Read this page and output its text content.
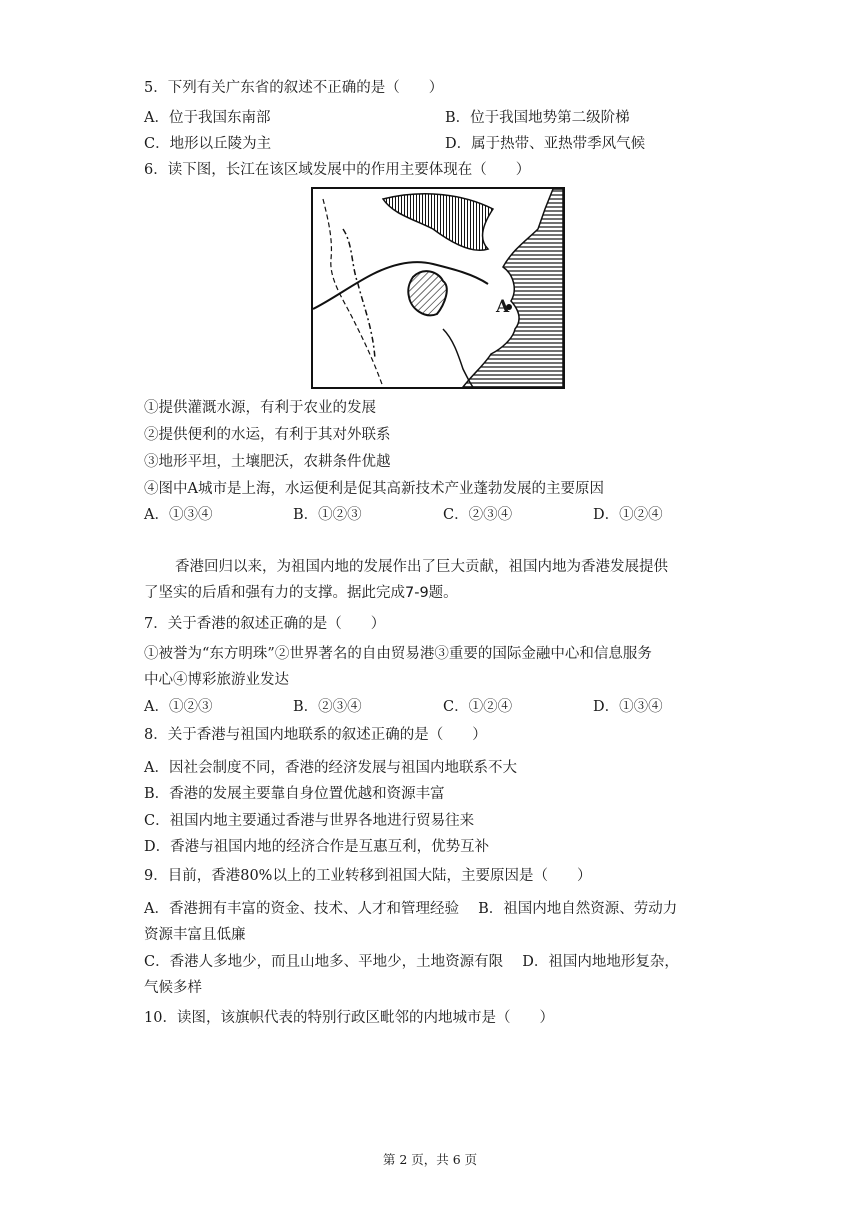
5．下列有关广东省的叙述不正确的是（　　）
A．位于我国东南部	B．位于我国地势第二级阶梯
C．地形以丘陵为主	D．属于热带、亚热带季风气候
6．读下图，长江在该区域发展中的作用主要体现在（　　）
A
①提供灌溉水源，有利于农业的发展
②提供便利的水运，有利于其对外联系
③地形平坦，土壤肥沃，农耕条件优越
④图中A城市是上海，水运便利是促其高新技术产业蓬勃发展的主要原因
A．①③④	B．①②③	C．②③④	D．①②④
香港回归以来，为祖国内地的发展作出了巨大贡献，祖国内地为香港发展提供
了坚实的后盾和强有力的支撑。据此完成7-9题。
7．关于香港的叙述正确的是（　　）
①被誉为“东方明珠”②世界著名的自由贸易港③重要的国际金融中心和信息服务
中心④博彩旅游业发达
A．①②③	B．②③④	C．①②④	D．①③④
8．关于香港与祖国内地联系的叙述正确的是（　　）
A．因社会制度不同，香港的经济发展与祖国内地联系不大
B．香港的发展主要靠自身位置优越和资源丰富
C．祖国内地主要通过香港与世界各地进行贸易往来
D．香港与祖国内地的经济合作是互惠互利，优势互补
9．目前，香港80%以上的工业转移到祖国大陆，主要原因是（　　）
A．香港拥有丰富的资金、技术、人才和管理经验　 B．祖国内地自然资源、劳动力
资源丰富且低廉
C．香港人多地少，而且山地多、平地少，土地资源有限　 D．祖国内地地形复杂，
气候多样
10．读图，该旗帜代表的特别行政区毗邻的内地城市是（　　）
第 2 页，共 6 页
